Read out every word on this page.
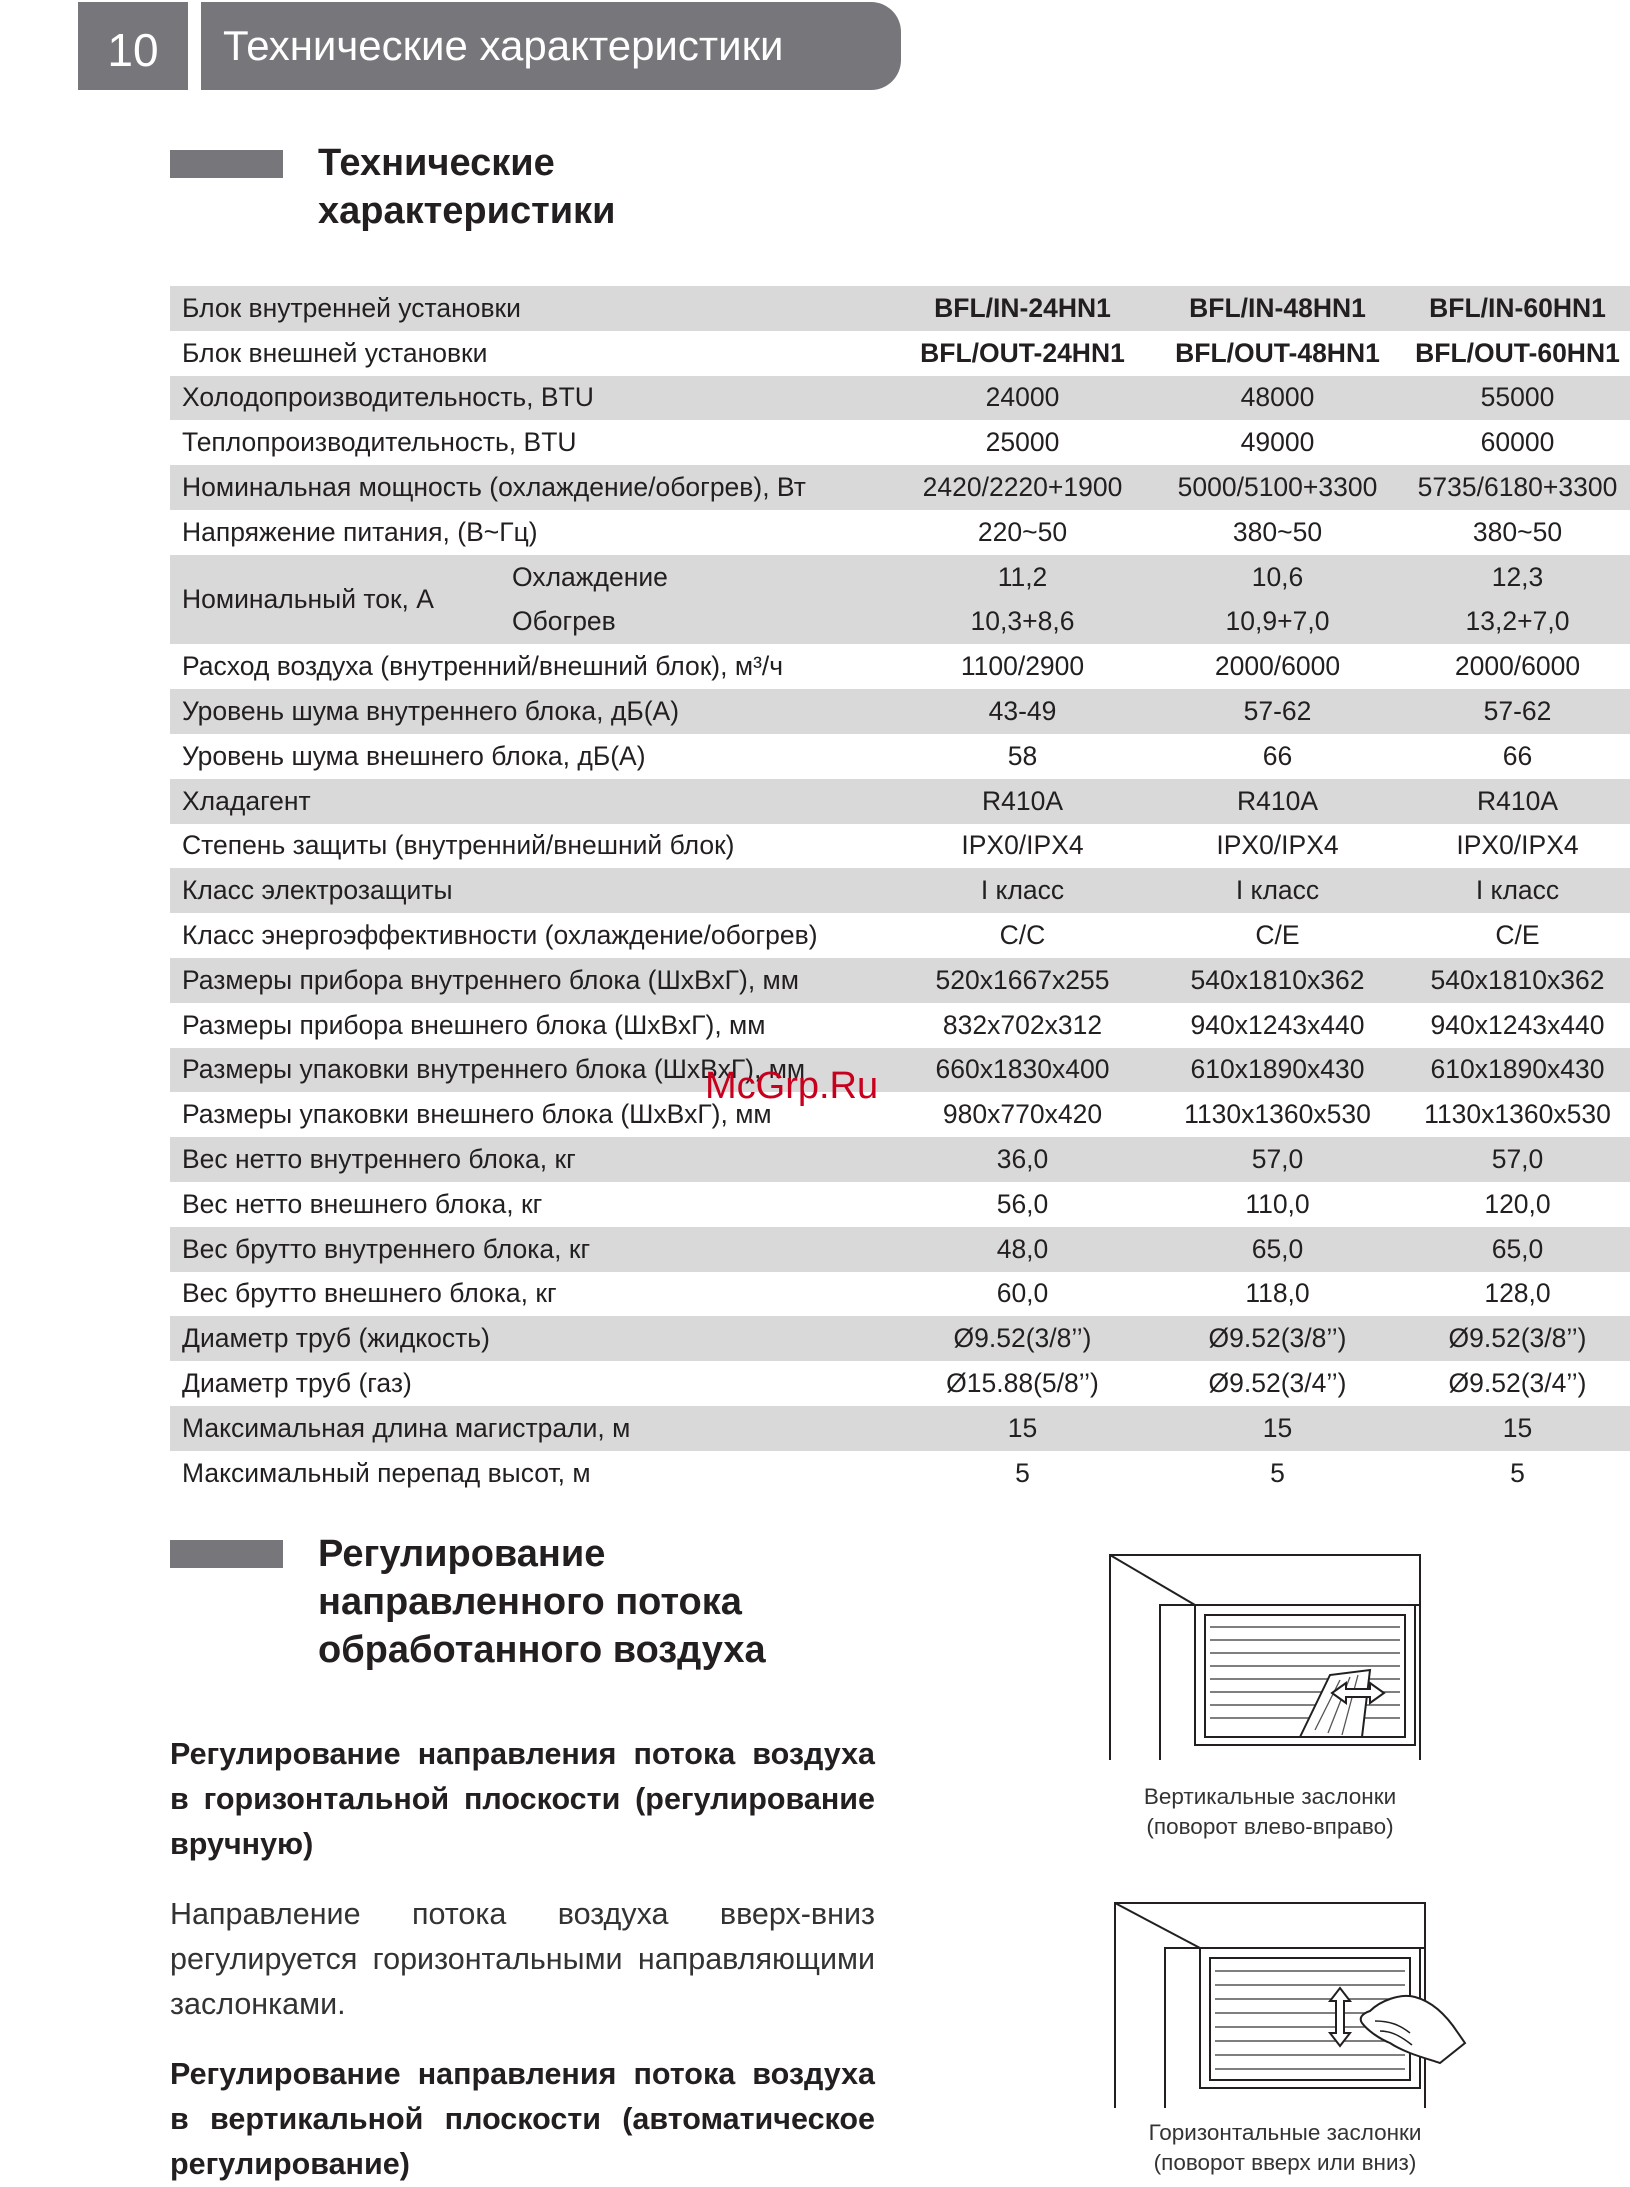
10	Технические характеристики
Технические
характеристики
Блок внутренней установки		BFL/IN-24HN1	BFL/IN-48HN1	BFL/IN-60HN1
Блок внешней установки		BFL/OUT-24HN1	BFL/OUT-48HN1	BFL/OUT-60HN1
Холодопроизводительность, BTU		24000	48000	55000
Теплопроизводительность, BTU		25000	49000	60000
Номинальная мощность (охлаждение/обогрев), Вт		2420/2220+1900	5000/5100+3300	5735/6180+3300
Напряжение питания, (В~Гц)		220~50	380~50	380~50
Номинальный ток, А	Охлаждение	11,2	10,6	12,3
	Обогрев	10,3+8,6	10,9+7,0	13,2+7,0
Расход воздуха (внутренний/внешний блок), м³/ч		1100/2900	2000/6000	2000/6000
Уровень шума внутреннего блока, дБ(А)		43-49	57-62	57-62
Уровень шума внешнего блока, дБ(А)		58	66	66
Хладагент		R410A	R410A	R410A
Степень защиты (внутренний/внешний блок)		IPX0/IPX4	IPX0/IPX4	IPX0/IPX4
Класс электрозащиты		I класс	I класс	I класс
Класс энергоэффективности (охлаждение/обогрев)		C/C	C/E	C/E
Размеры прибора внутреннего блока (ШхВхГ), мм		520x1667x255	540x1810x362	540x1810x362
Размеры прибора внешнего блока (ШхВхГ), мм		832x702x312	940x1243x440	940x1243x440
Размеры упаковки внутреннего блока (ШхВхГ), мм		660x1830x400	610x1890x430	610x1890x430
Размеры упаковки внешнего блока (ШхВхГ), мм		980x770x420	1130x1360x530	1130x1360x530
Вес нетто внутреннего блока, кг		36,0	57,0	57,0
Вес нетто внешнего блока, кг		56,0	110,0	120,0
Вес брутто внутреннего блока, кг		48,0	65,0	65,0
Вес брутто внешнего блока, кг		60,0	118,0	128,0
Диаметр труб (жидкость)		Ø9.52(3/8’’)	Ø9.52(3/8’’)	Ø9.52(3/8’’)
Диаметр труб (газ)		Ø15.88(5/8’’)	Ø9.52(3/4’’)	Ø9.52(3/4’’)
Максимальная длина магистрали, м		15	15	15
Максимальный перепад высот, м		5	5	5
McGrp.Ru
Регулирование
направленного потока
обработанного воздуха
Регулирование направления потока воздуха в горизонтальной плоскости (регулирование вручную)
Направление потока воздуха вверх-вниз регулируется горизонтальными направляющими заслонками.
Регулирование направления потока воздуха в вертикальной плоскости (автоматическое регулирование)
Вертикальные заслонки
(поворот влево-вправо)
Горизонтальные заслонки
(поворот вверх или вниз)
